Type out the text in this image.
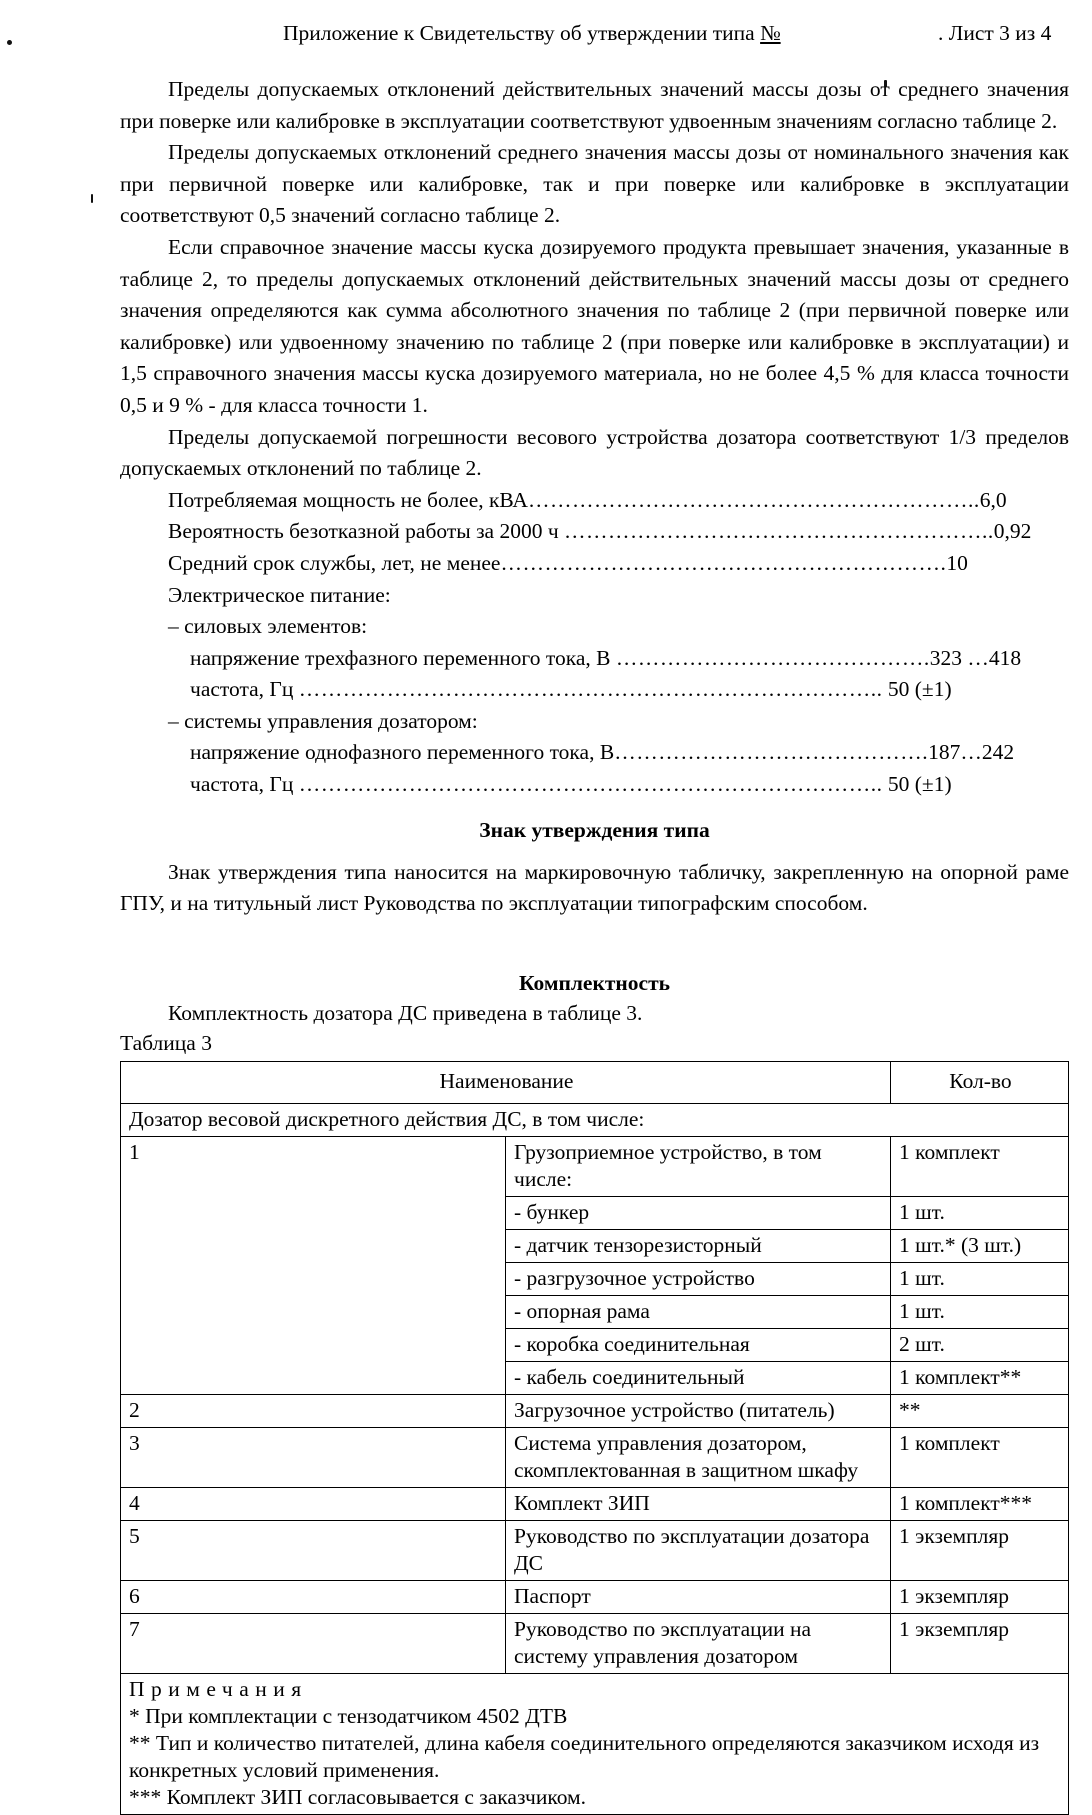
Приложение к Свидетельству об утверждении типа №	. Лист 3 из 4

Пределы допускаемых отклонений действительных значений массы дозы от среднего значения при поверке или калибровке в эксплуатации соответствуют удвоенным значениям согласно таблице 2.

Пределы допускаемых отклонений среднего значения массы дозы от номинального значения как при первичной поверке или калибровке, так и при поверке или калибровке в эксплуатации соответствуют 0,5 значений согласно таблице 2.

Если справочное значение массы куска дозируемого продукта превышает значения, указанные в таблице 2, то пределы допускаемых отклонений действительных значений массы дозы от среднего значения определяются как сумма абсолютного значения по таблице 2 (при первичной поверке или калибровке) или удвоенному значению по таблице 2 (при поверке или калибровке в эксплуатации) и 1,5 справочного значения массы куска дозируемого материала, но не более 4,5 % для класса точности 0,5 и 9 % - для класса точности 1.

Пределы допускаемой погрешности весового устройства дозатора соответствуют 1/3 пределов допускаемых отклонений по таблице 2.

Потребляемая мощность не более, кВА……………………………………………………..6,0
Вероятность безотказной работы за 2000 ч …………………………………………………..0,92
Средний срок службы, лет, не менее…………………………………………………….10
Электрическое питание:
– силовых элементов:
напряжение трехфазного переменного тока, В …………………………………….323 …418
частота, Гц …………………………………………………………………….. 50 (±1)
– системы управления дозатором:
напряжение однофазного переменного тока, В…………………………………….187…242
частота, Гц …………………………………………………………………….. 50 (±1)

Знак утверждения типа

Знак утверждения типа наносится на маркировочную табличку, закрепленную на опорной раме ГПУ, и на титульный лист Руководства по эксплуатации типографским способом.

Комплектность

Комплектность дозатора ДС приведена в таблице 3.

Таблица 3

Наименование		Кол-во
Дозатор весовой дискретного действия ДС, в том числе:		
1	Грузоприемное устройство, в том числе:	1 комплект
	- бункер	1 шт.
	- датчик тензорезисторный	1 шт.* (3 шт.)
	- разгрузочное устройство	1 шт.
	- опорная рама	1 шт.
	- коробка соединительная	2 шт.
	- кабель соединительный	1 комплект**
2	Загрузочное устройство (питатель)	**
3	Система управления дозатором, скомплектованная в защитном шкафу	1 комплект
4	Комплект ЗИП	1 комплект***
5	Руководство по эксплуатации дозатора ДС	1 экземпляр
6	Паспорт	1 экземпляр
7	Руководство по эксплуатации на систему управления дозатором	1 экземпляр

Примечания
* При комплектации с тензодатчиком 4502 ДТВ
** Тип и количество питателей, длина кабеля соединительного определяются заказчиком исходя из конкретных условий применения.
*** Комплект ЗИП согласовывается с заказчиком.		
